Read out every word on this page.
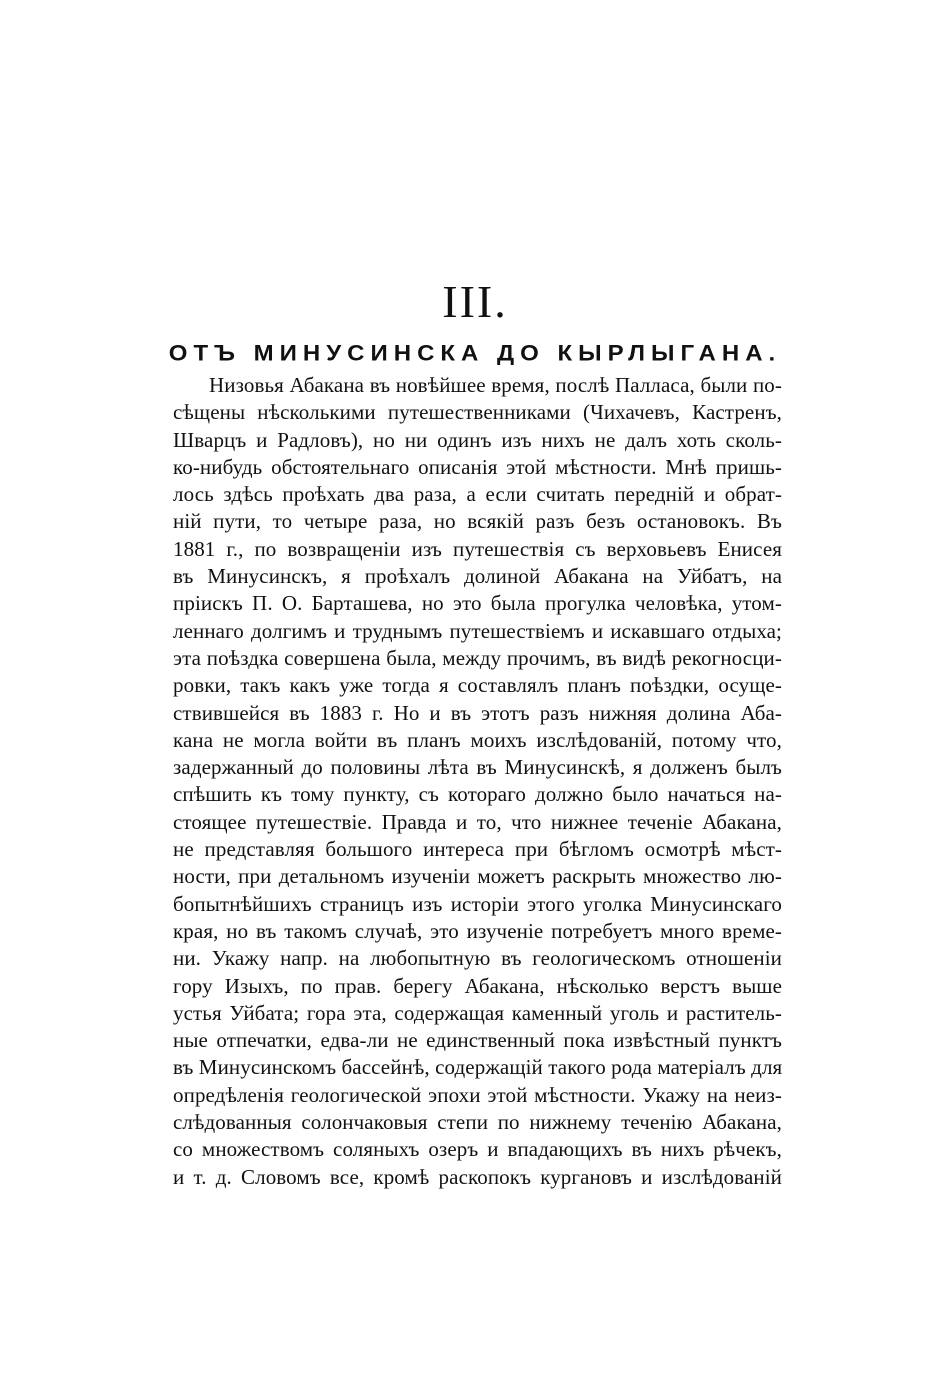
III.
ОТЪ МИНУСИНСКА ДО КЫРЛЫГАНА.
Низовья Абакана въ новѣйшее время, послѣ Палласа, были по-
сѣщены нѣсколькими путешественниками (Чихачевъ, Кастренъ,
Шварцъ и Радловъ), но ни одинъ изъ нихъ не далъ хоть сколь-
ко-нибудь обстоятельнаго описанія этой мѣстности. Мнѣ пришь-
лось здѣсь проѣхать два раза, а если считать передній и обрат-
ній пути, то четыре раза, но всякій разъ безъ остановокъ. Въ
1881 г., по возвращеніи изъ путешествія съ верховьевъ Енисея
въ Минусинскъ, я проѣхалъ долиной Абакана на Уйбатъ, на
пріискъ П. О. Барташева, но это была прогулка человѣка, утом-
леннаго долгимъ и труднымъ путешествіемъ и искавшаго отдыха;
эта поѣздка совершена была, между прочимъ, въ видѣ рекогносци-
ровки, такъ какъ уже тогда я составлялъ планъ поѣздки, осуще-
ствившейся въ 1883 г. Но и въ этотъ разъ нижняя долина Аба-
кана не могла войти въ планъ моихъ изслѣдованій, потому что,
задержанный до половины лѣта въ Минусинскѣ, я долженъ былъ
спѣшить къ тому пункту, съ котораго должно было начаться на-
стоящее путешествіе. Правда и то, что нижнее теченіе Абакана,
не представляя большого интереса при бѣгломъ осмотрѣ мѣст-
ности, при детальномъ изученіи можетъ раскрыть множество лю-
бопытнѣйшихъ страницъ изъ исторіи этого уголка Минусинскаго
края, но въ такомъ случаѣ, это изученіе потребуетъ много време-
ни. Укажу напр. на любопытную въ геологическомъ отношеніи
гору Изыхъ, по прав. берегу Абакана, нѣсколько верстъ выше
устья Уйбата; гора эта, содержащая каменный уголь и раститель-
ные отпечатки, едва-ли не единственный пока извѣстный пунктъ
въ Минусинскомъ бассейнѣ, содержащій такого рода матеріалъ для
опредѣленія геологической эпохи этой мѣстности. Укажу на неиз-
слѣдованныя солончаковыя степи по нижнему теченію Абакана,
со множествомъ соляныхъ озеръ и впадающихъ въ нихъ рѣчекъ,
и т. д. Словомъ все, кромѣ раскопокъ кургановъ и изслѣдованій
